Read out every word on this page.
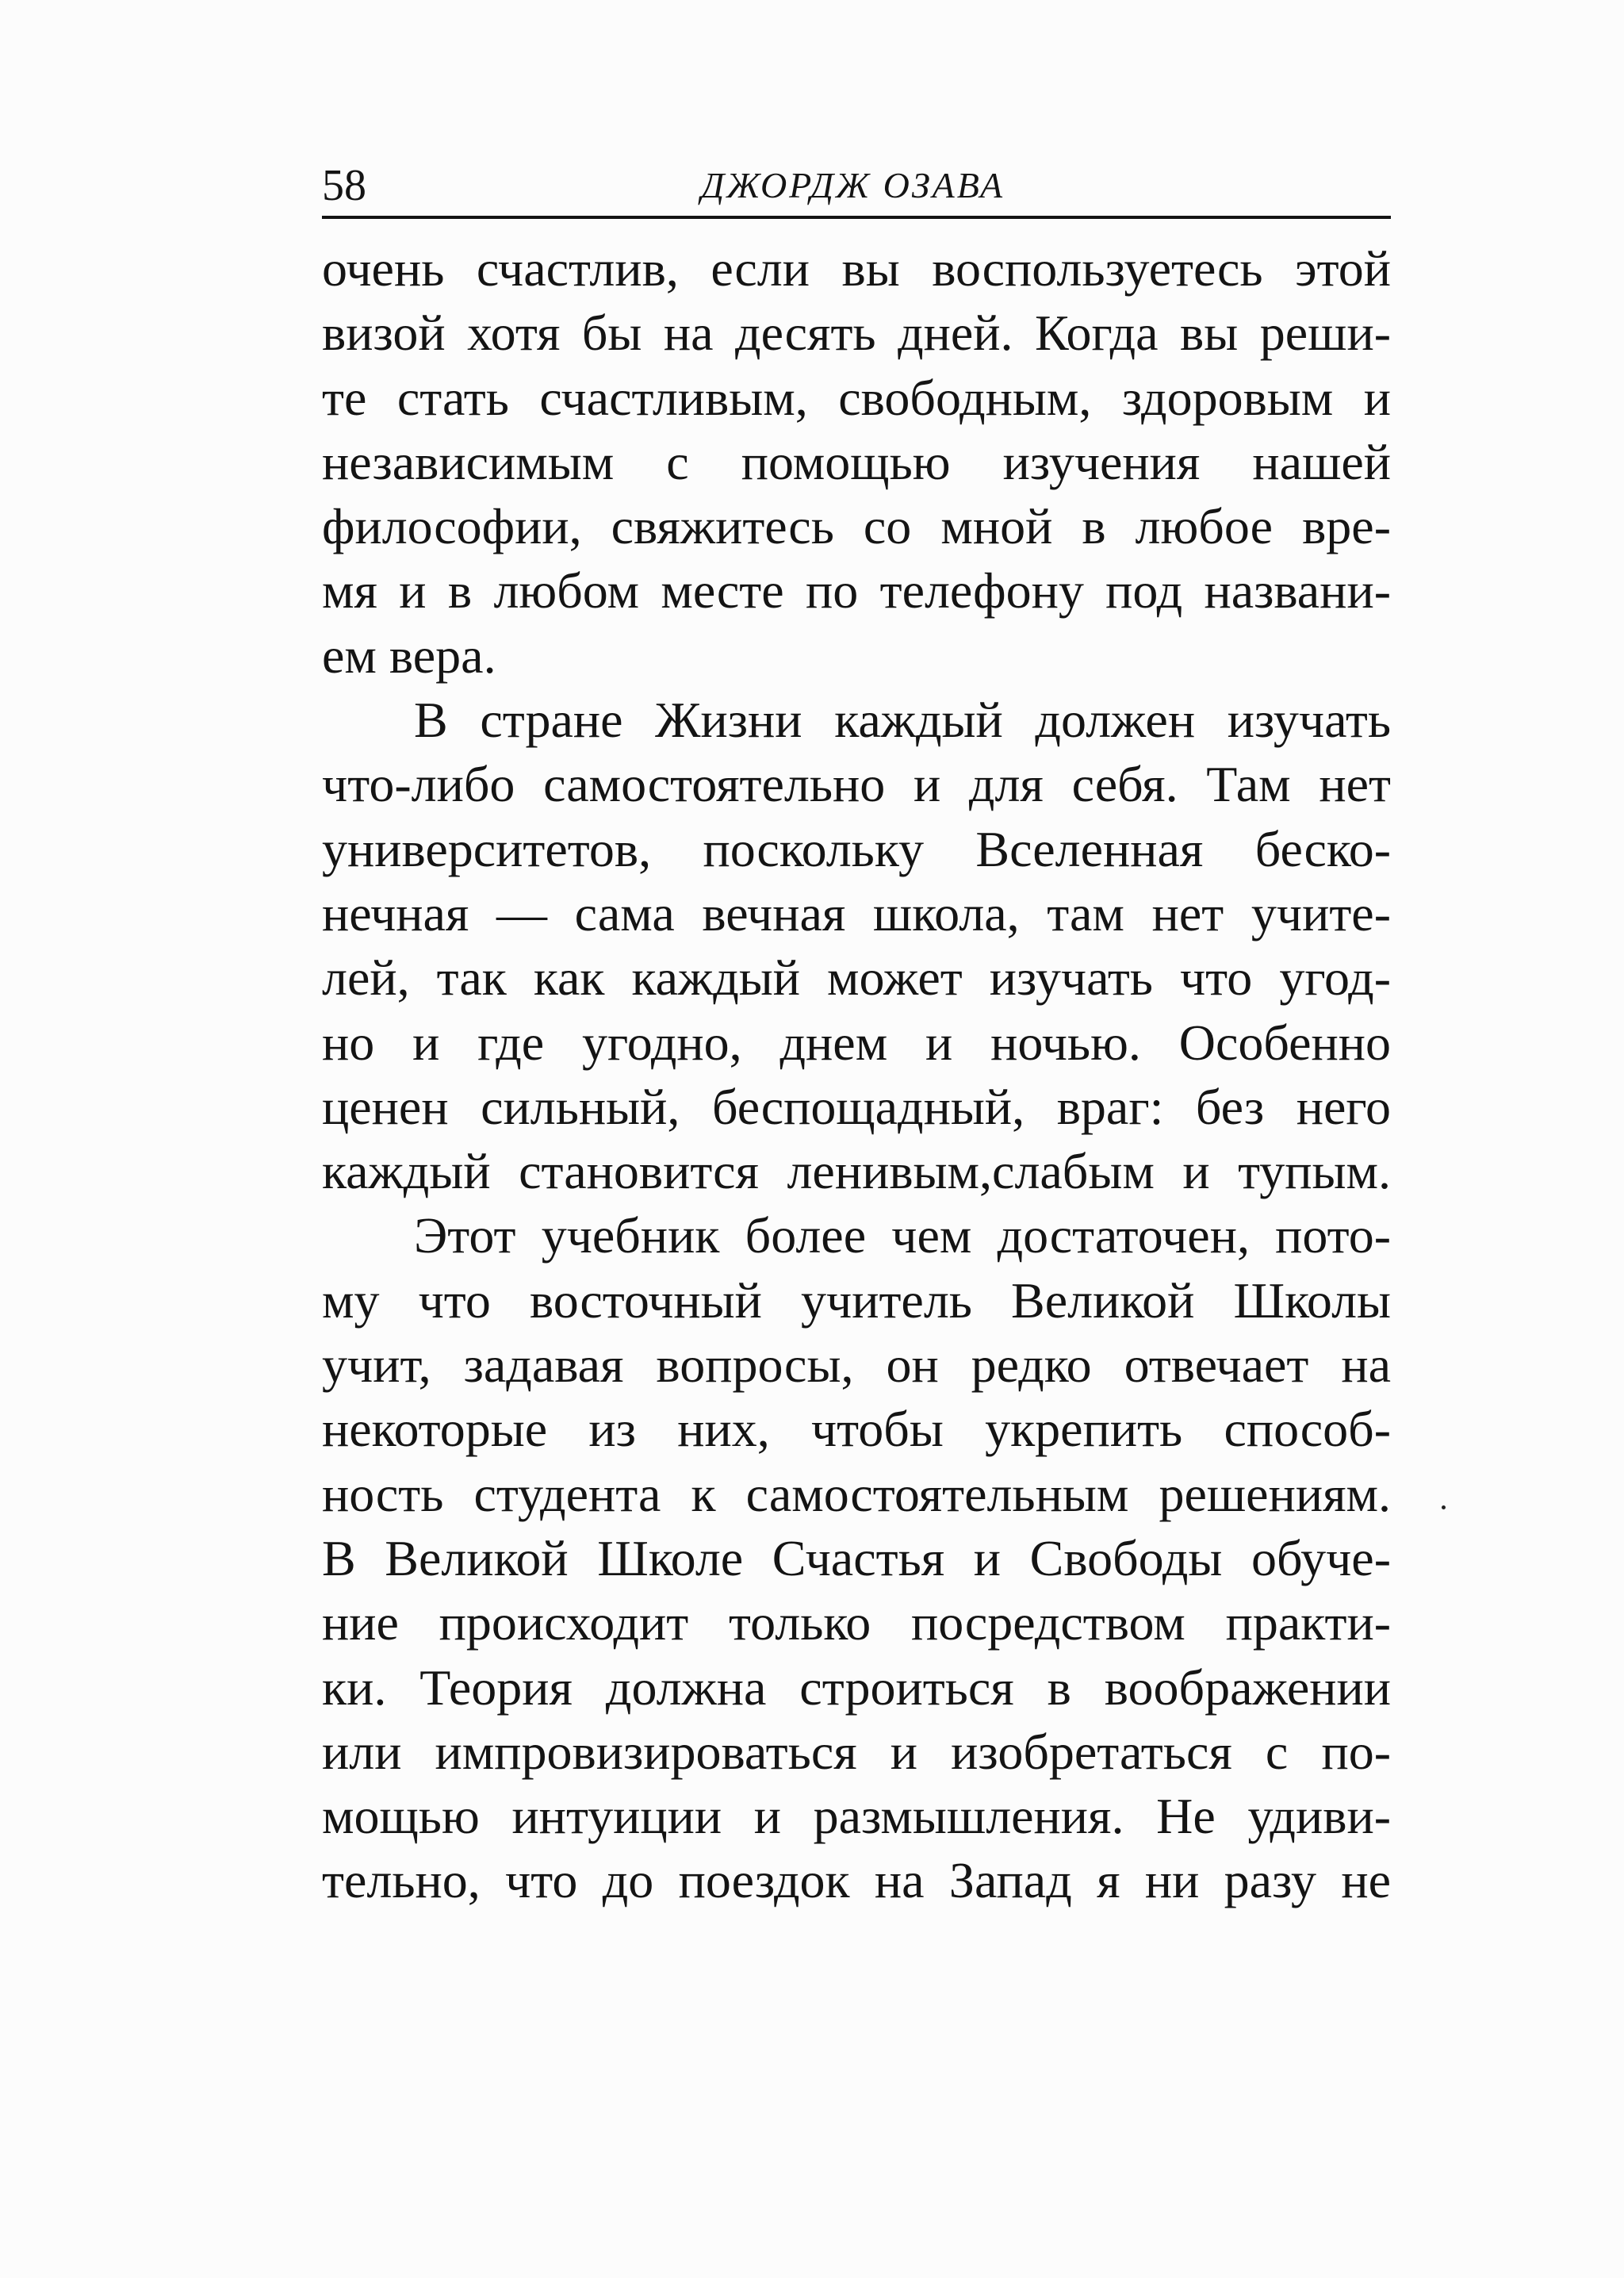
58	ДЖОРДЖ ОЗАВА
очень счастлив, если вы воспользуетесь этой
визой хотя бы на десять дней. Когда вы реши-
те стать счастливым, свободным, здоровым и
независимым с помощью изучения нашей
философии, свяжитесь со мной в любое вре-
мя и в любом месте по телефону под названи-
ем вера.
В стране Жизни каждый должен изучать
что-либо самостоятельно и для себя. Там нет
университетов, поскольку Вселенная беско-
нечная — сама вечная школа, там нет учите-
лей, так как каждый может изучать что угод-
но и где угодно, днем и ночью. Особенно
ценен сильный, беспощадный, враг: без него
каждый становится ленивым,слабым и тупым.
Этот учебник более чем достаточен, пото-
му что восточный учитель Великой Школы
учит, задавая вопросы, он редко отвечает на
некоторые из них, чтобы укрепить способ-
ность студента к самостоятельным решениям.
В Великой Школе Счастья и Свободы обуче-
ние происходит только посредством практи-
ки. Теория должна строиться в воображении
или импровизироваться и изобретаться с по-
мощью интуиции и размышления. Не удиви-
тельно, что до поездок на Запад я ни разу не
